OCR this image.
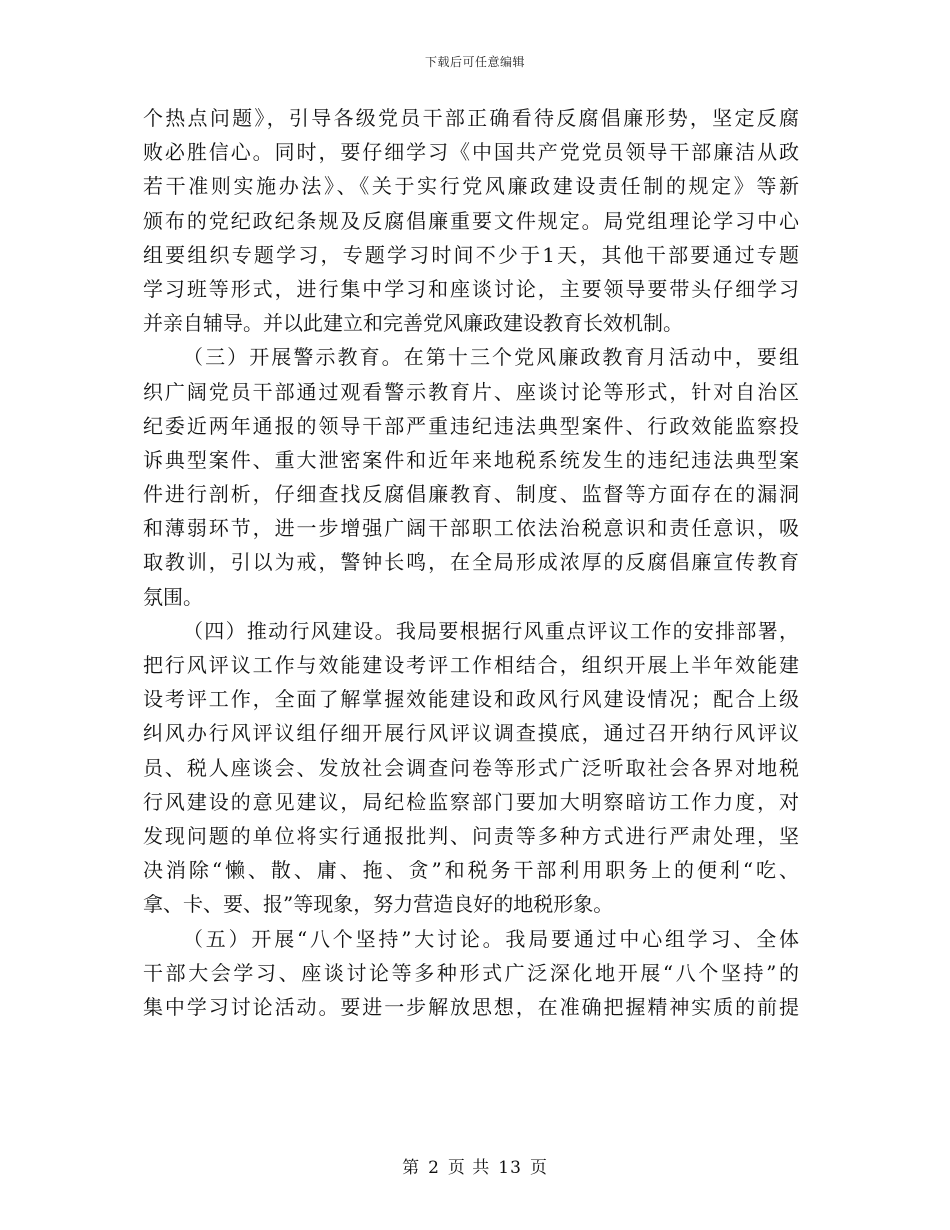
下载后可任意编辑
个热点问题》，引导各级党员干部正确看待反腐倡廉形势，坚定反腐
败必胜信心。同时，要仔细学习《中国共产党党员领导干部廉洁从政
若干准则实施办法》、《关于实行党风廉政建设责任制的规定》等新
颁布的党纪政纪条规及反腐倡廉重要文件规定。局党组理论学习中心
组要组织专题学习，专题学习时间不少于1天，其他干部要通过专题
学习班等形式，进行集中学习和座谈讨论，主要领导要带头仔细学习
并亲自辅导。并以此建立和完善党风廉政建设教育长效机制。
（三）开展警示教育。在第十三个党风廉政教育月活动中，要组
织广阔党员干部通过观看警示教育片、座谈讨论等形式，针对自治区
纪委近两年通报的领导干部严重违纪违法典型案件、行政效能监察投
诉典型案件、重大泄密案件和近年来地税系统发生的违纪违法典型案
件进行剖析，仔细查找反腐倡廉教育、制度、监督等方面存在的漏洞
和薄弱环节，进一步增强广阔干部职工依法治税意识和责任意识，吸
取教训，引以为戒，警钟长鸣，在全局形成浓厚的反腐倡廉宣传教育
氛围。
（四）推动行风建设。我局要根据行风重点评议工作的安排部署，
把行风评议工作与效能建设考评工作相结合，组织开展上半年效能建
设考评工作，全面了解掌握效能建设和政风行风建设情况；配合上级
纠风办行风评议组仔细开展行风评议调查摸底，通过召开纳行风评议
员、税人座谈会、发放社会调查问卷等形式广泛听取社会各界对地税
行风建设的意见建议，局纪检监察部门要加大明察暗访工作力度，对
发现问题的单位将实行通报批判、问责等多种方式进行严肃处理，坚
决消除“懒、散、庸、拖、贪”和税务干部利用职务上的便利“吃、
拿、卡、要、报”等现象，努力营造良好的地税形象。
（五）开展“八个坚持”大讨论。我局要通过中心组学习、全体
干部大会学习、座谈讨论等多种形式广泛深化地开展“八个坚持”的
集中学习讨论活动。要进一步解放思想，在准确把握精神实质的前提
第 2 页 共 13 页
